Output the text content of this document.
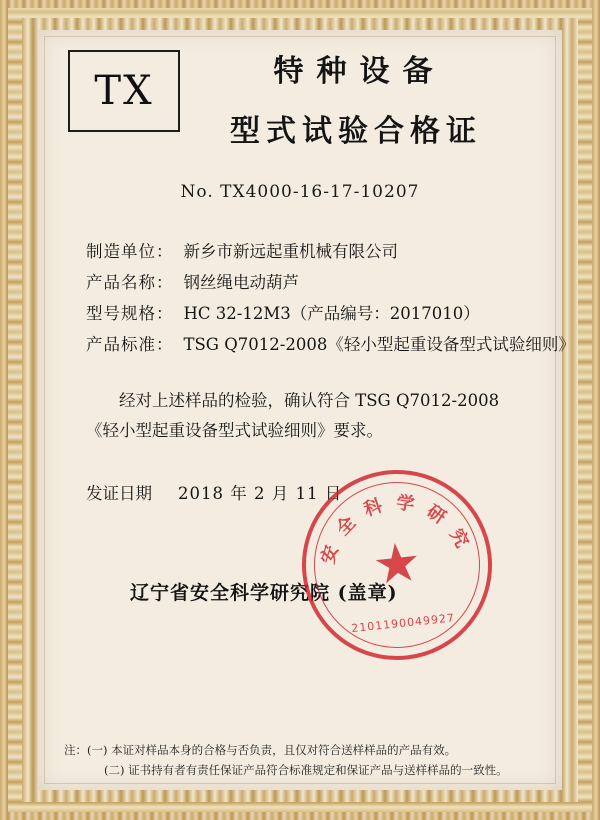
TX	特种设备
型式试验合格证
No. TX4000-16-17-10207
制造单位： 新乡市新远起重机械有限公司
产品名称： 钢丝绳电动葫芦
型号规格： HC 32-12M3（产品编号：2017010）
产品标准： TSG Q7012-2008《轻小型起重设备型式试验细则》
经对上述样品的检验，确认符合 TSG Q7012-2008《轻小型起重设备型式试验细则》要求。
发证日期 2018 年 2 月 11 日
安 全 科 学 研 究
★
2101190049927
辽宁省安全科学研究院 (盖章)
注：(一) 本证对样品本身的合格与否负责，且仅对符合送样样品的产品有效。
(二) 证书持有者有责任保证产品符合标准规定和保证产品与送样样品的一致性。
